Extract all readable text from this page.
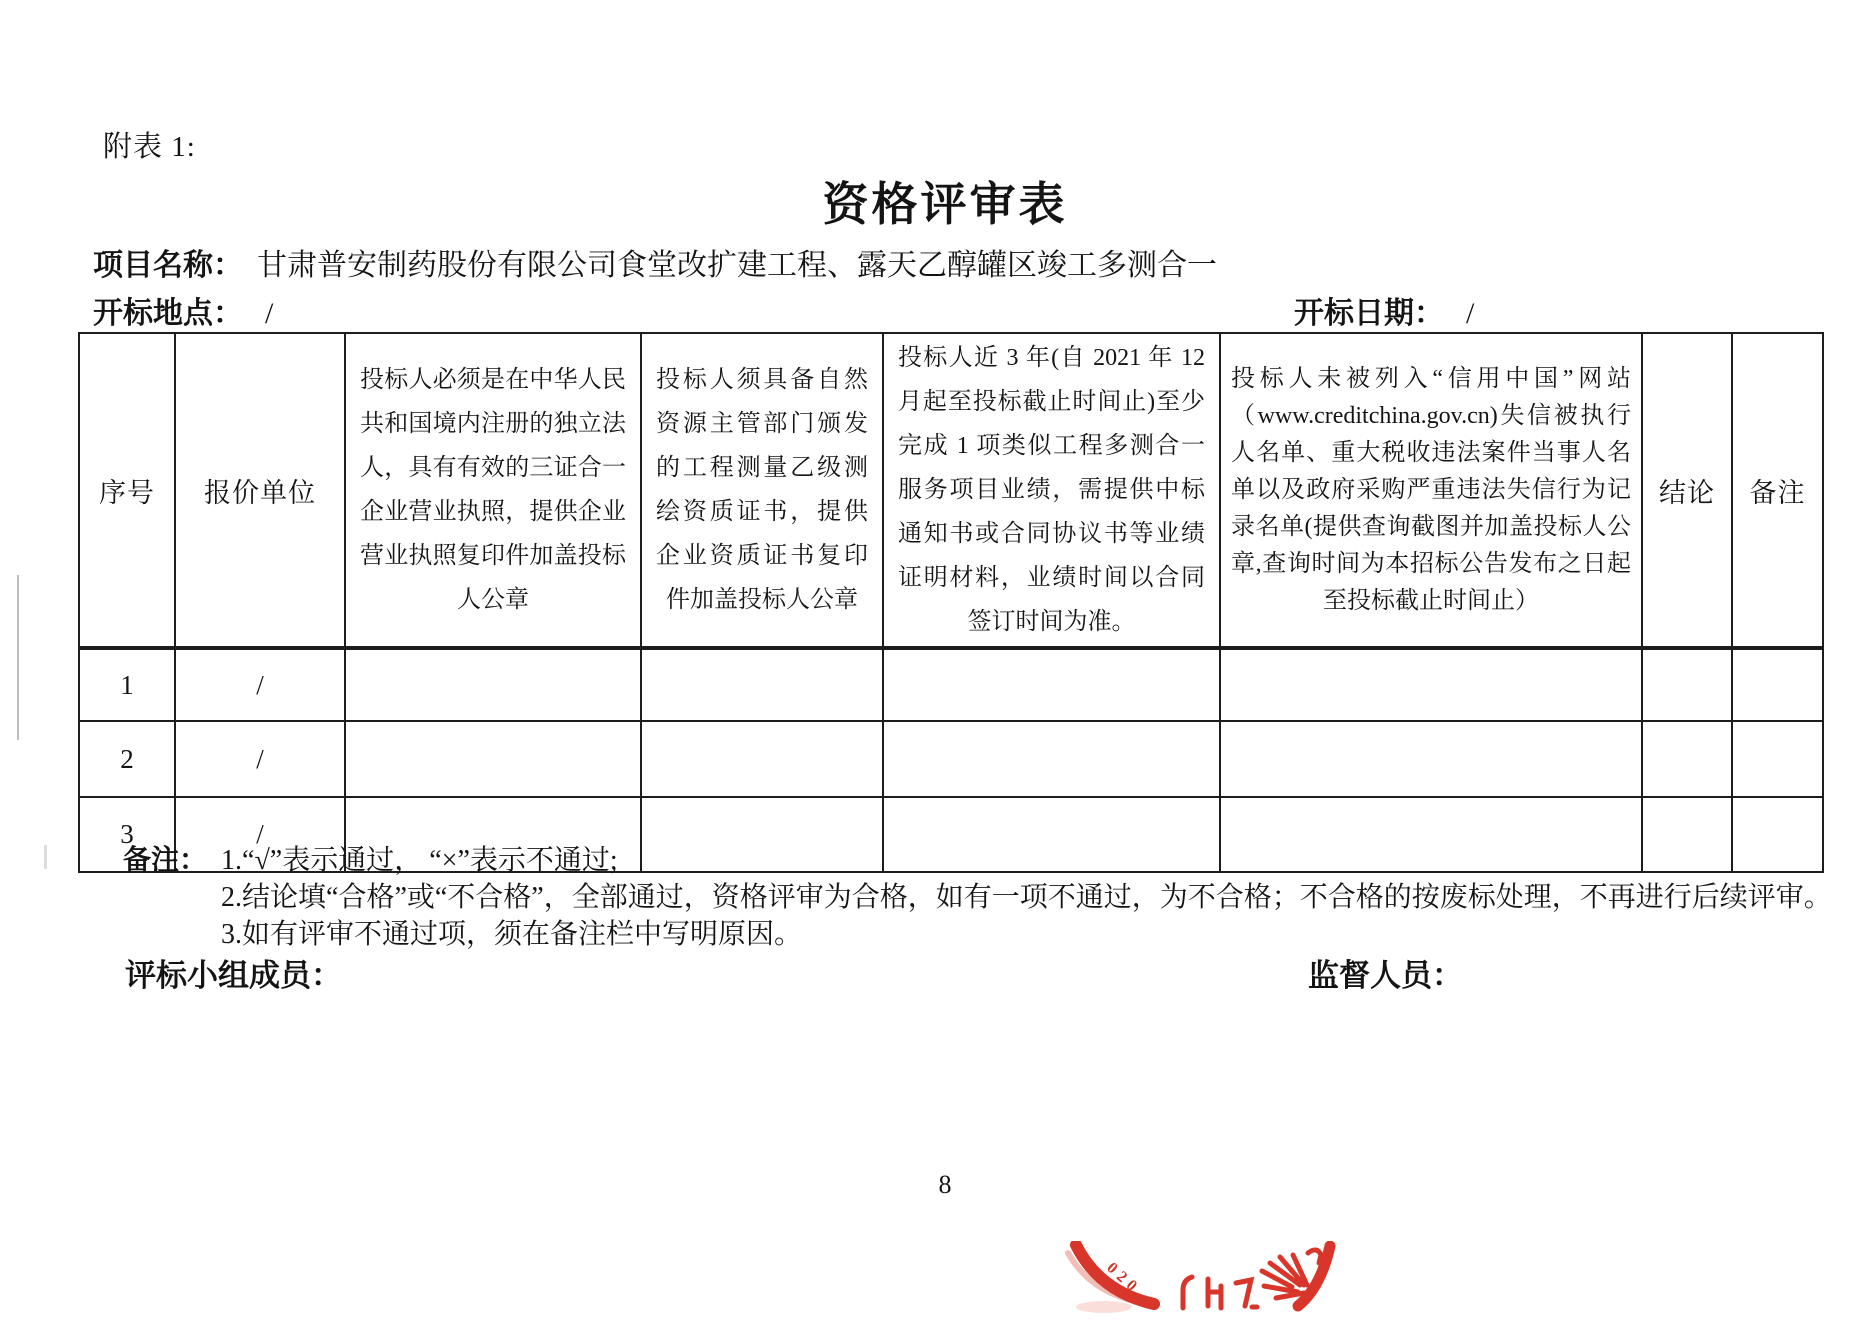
附表 1:
资格评审表
项目名称： 甘肃普安制药股份有限公司食堂改扩建工程、露天乙醇罐区竣工多测合一
开标地点： /	开标日期： /
序号	报价单位	投标人必须是在中华人民共和国境内注册的独立法人，具有有效的三证合一企业营业执照，提供企业营业执照复印件加盖投标人公章	投标人须具备自然资源主管部门颁发的工程测量乙级测绘资质证书，提供企业资质证书复印件加盖投标人公章	投标人近 3 年(自 2021 年 12 月起至投标截止时间止)至少完成 1 项类似工程多测合一服务项目业绩，需提供中标通知书或合同协议书等业绩证明材料，业绩时间以合同签订时间为准。	投标人未被列入“信用中国”网站（www.creditchina.gov.cn)失信被执行人名单、重大税收违法案件当事人名单以及政府采购严重违法失信行为记录名单(提供查询截图并加盖投标人公章,查询时间为本招标公告发布之日起至投标截止时间止）	结论	备注
1	/						
2	/						
3	/						
备注： 1.“√”表示通过， “×”表示不通过;
2.结论填“合格”或“不合格”，全部通过，资格评审为合格，如有一项不通过，为不合格；不合格的按废标处理，不再进行后续评审。
3.如有评审不通过项，须在备注栏中写明原因。
评标小组成员：	监督人员：
8
020
